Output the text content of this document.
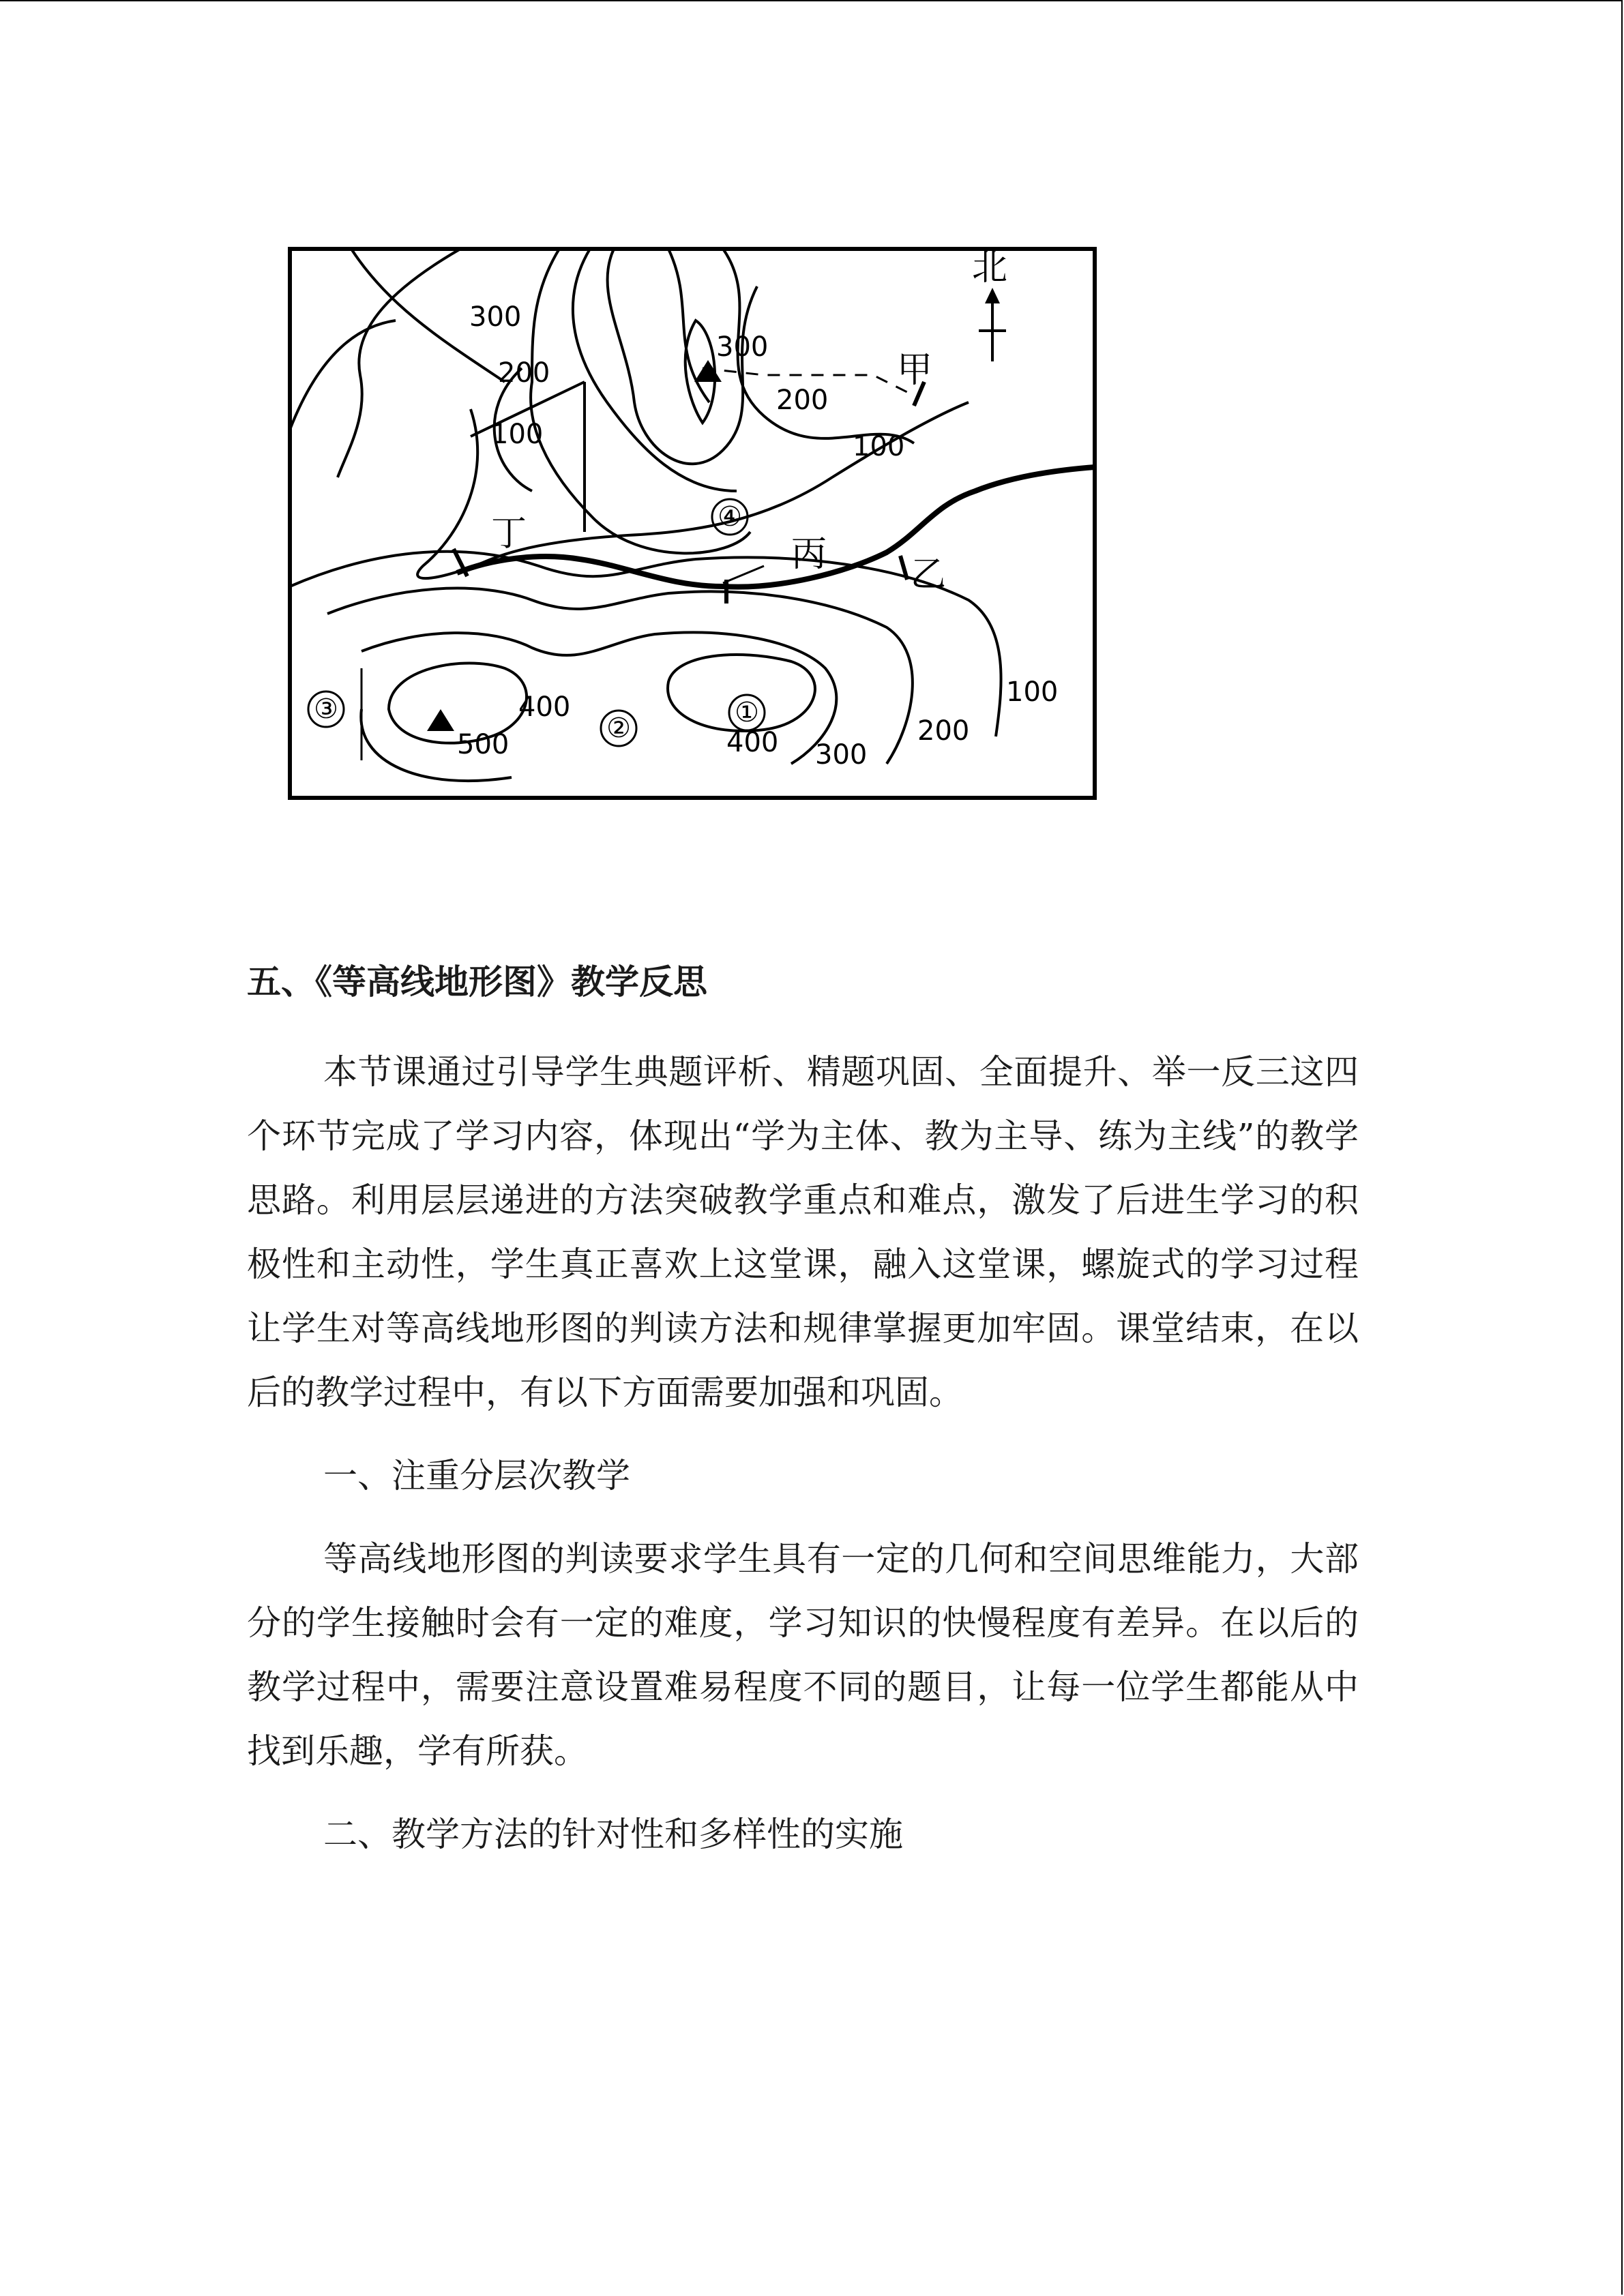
北
300
200
100
300
200
100
400
500	400 300
200
100
甲
乙
丙
丁
①
②
③
④
五、《等高线地形图》教学反思

本节课通过引导学生典题评析、精题巩固、全面提升、举一反三这四个环节完成了学习内容，体现出“学为主体、教为主导、练为主线”的教学思路。利用层层递进的方法突破教学重点和难点，激发了后进生学习的积极性和主动性，学生真正喜欢上这堂课，融入这堂课，螺旋式的学习过程让学生对等高线地形图的判读方法和规律掌握更加牢固。课堂结束，在以后的教学过程中，有以下方面需要加强和巩固。

一、注重分层次教学

等高线地形图的判读要求学生具有一定的几何和空间思维能力，大部分的学生接触时会有一定的难度，学习知识的快慢程度有差异。在以后的教学过程中，需要注意设置难易程度不同的题目，让每一位学生都能从中找到乐趣，学有所获。

二、教学方法的针对性和多样性的实施
